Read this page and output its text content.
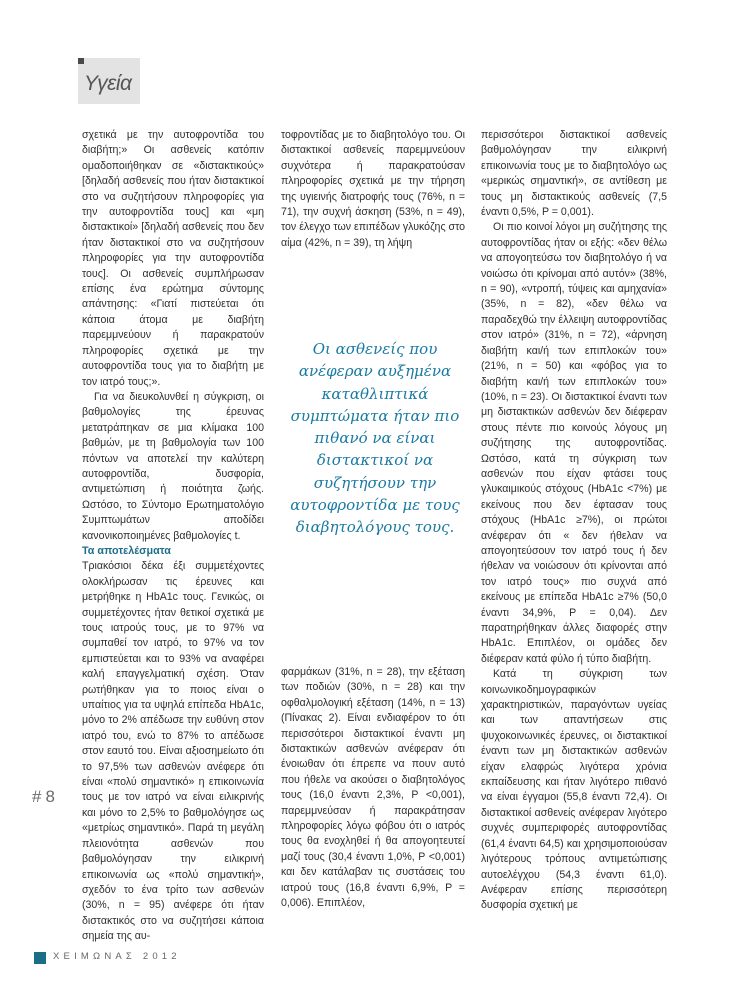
Υγεία

σχετικά με την αυτοφροντίδα του διαβήτη;» Οι ασθενείς κατόπιν ομαδοποιήθηκαν σε «διστακτικούς» [δηλαδή ασθενείς που ήταν διστακτικοί στο να συζητήσουν πληροφορίες για την αυτοφροντίδα τους] και «μη διστακτικοί» [δηλαδή ασθενείς που δεν ήταν διστακτικοί στο να συζητήσουν πληροφορίες για την αυτοφροντίδα τους]. Οι ασθενείς συμπλήρωσαν επίσης ένα ερώτημα σύντομης απάντησης: «Γιατί πιστεύεται ότι κάποια άτομα με διαβήτη παρεμμνεύουν ή παρακρατούν πληροφορίες σχετικά με την αυτοφροντίδα τους για το διαβήτη με τον ιατρό τους;».

Για να διευκολυνθεί η σύγκριση, οι βαθμολογίες της έρευνας μετατράπηκαν σε μια κλίμακα 100 βαθμών, με τη βαθμολογία των 100 πόντων να αποτελεί την καλύτερη αυτοφροντίδα, δυσφορία, αντιμετώπιση ή ποιότητα ζωής. Ωστόσο, το Σύντομο Ερωτηματολόγιο Συμπτωμάτων αποδίδει κανονικοποιημένες βαθμολογίες t.

Τα αποτελέσματα

Τριακόσιοι δέκα έξι συμμετέχοντες ολοκλήρωσαν τις έρευνες και μετρήθηκε η HbA1c τους. Γενικώς, οι συμμετέχοντες ήταν θετικοί σχετικά με τους ιατρούς τους, με το 97% να συμπαθεί τον ιατρό, το 97% να τον εμπιστεύεται και το 93% να αναφέρει καλή επαγγελματική σχέση. Όταν ρωτήθηκαν για το ποιος είναι ο υπαίτιος για τα υψηλά επίπεδα HbA1c, μόνο το 2% απέδωσε την ευθύνη στον ιατρό του, ενώ το 87% το απέδωσε στον εαυτό του. Είναι αξιοσημείωτο ότι το 97,5% των ασθενών ανέφερε ότι είναι «πολύ σημαντικό» η επικοινωνία τους με τον ιατρό να είναι ειλικρινής και μόνο το 2,5% το βαθμολόγησε ως «μετρίως σημαντικό». Παρά τη μεγάλη πλειονότητα ασθενών που βαθμολόγησαν την ειλικρινή επικοινωνία ως «πολύ σημαντική», σχεδόν το ένα τρίτο των ασθενών (30%, n = 95) ανέφερε ότι ήταν διστακτικός στο να συζητήσει κάποια σημεία της αυ-

τοφροντίδας με το διαβητολόγο του. Οι διστακτικοί ασθενείς παρεμμνεύουν συχνότερα ή παρακρατούσαν πληροφορίες σχετικά με την τήρηση της υγιεινής διατροφής τους (76%, n = 71), την συχνή άσκηση (53%, n = 49), τον έλεγχο των επιπέδων γλυκόζης στο αίμα (42%, n = 39), τη λήψη

Οι ασθενείς που ανέφεραν αυξημένα καταθλιπτικά συμπτώματα ήταν πιο πιθανό να είναι διστακτικοί να συζητήσουν την αυτοφροντίδα με τους διαβητολόγους τους.

φαρμάκων (31%, n = 28), την εξέταση των ποδιών (30%, n = 28) και την οφθαλμολογική εξέταση (14%, n = 13) (Πίνακας 2). Είναι ενδιαφέρον το ότι περισσότεροι διστακτικοί έναντι μη διστακτικών ασθενών ανέφεραν ότι ένοιωθαν ότι έπρεπε να πουν αυτό που ήθελε να ακούσει ο διαβητολόγος τους (16,0 έναντι 2,3%, P <0,001), παρεμμνεύσαν ή παρακράτησαν πληροφορίες λόγω φόβου ότι ο ιατρός τους θα ενοχληθεί ή θα απογοητευτεί μαζί τους (30,4 έναντι 1,0%, P <0,001) και δεν κατάλαβαν τις συστάσεις του ιατρού τους (16,8 έναντι 6,9%, P = 0,006). Επιπλέον,

περισσότεροι διστακτικοί ασθενείς βαθμολόγησαν την ειλικρινή επικοινωνία τους με το διαβητολόγο ως «μερικώς σημαντική», σε αντίθεση με τους μη διστακτικούς ασθενείς (7,5 έναντι 0,5%, P = 0,001).

Οι πιο κοινοί λόγοι μη συζήτησης της αυτοφροντίδας ήταν οι εξής: «δεν θέλω να απογοητεύσω τον διαβητολόγο ή να νοιώσω ότι κρίνομαι από αυτόν» (38%, n = 90), «ντροπή, τύψεις και αμηχανία» (35%, n = 82), «δεν θέλω να παραδεχθώ την έλλειψη αυτοφροντίδας στον ιατρό» (31%, n = 72), «άρνηση διαβήτη και/ή των επιπλοκών του» (21%, n = 50) και «φόβος για το διαβήτη και/ή των επιπλοκών του» (10%, n = 23). Οι διστακτικοί έναντι των μη διστακτικών ασθενών δεν διέφεραν στους πέντε πιο κοινούς λόγους μη συζήτησης της αυτοφροντίδας. Ωστόσο, κατά τη σύγκριση των ασθενών που είχαν φτάσει τους γλυκαιμικούς στόχους (HbA1c <7%) με εκείνους που δεν έφτασαν τους στόχους (HbA1c ≥7%), οι πρώτοι ανέφεραν ότι « δεν ήθελαν να απογοητεύσουν τον ιατρό τους ή δεν ήθελαν να νοιώσουν ότι κρίνονται από τον ιατρό τους» πιο συχνά από εκείνους με επίπεδα HbA1c ≥7% (50,0 έναντι 34,9%, P = 0,04). Δεν παρατηρήθηκαν άλλες διαφορές στην HbA1c. Επιπλέον, οι ομάδες δεν διέφεραν κατά φύλο ή τύπο διαβήτη.

Κατά τη σύγκριση των κοινωνικοδημογραφικών χαρακτηριστικών, παραγόντων υγείας και των απαντήσεων στις ψυχοκοινωνικές έρευνες, οι διστακτικοί έναντι των μη διστακτικών ασθενών είχαν ελαφρώς λιγότερα χρόνια εκπαίδευσης και ήταν λιγότερο πιθανό να είναι έγγαμοι (55,8 έναντι 72,4). Οι διστακτικοί ασθενείς ανέφεραν λιγότερο συχνές συμπεριφορές αυτοφροντίδας (61,4 έναντι 64,5) και χρησιμοποιούσαν λιγότερους τρόπους αντιμετώπισης αυτοελέγχου (54,3 έναντι 61,0). Ανέφεραν επίσης περισσότερη δυσφορία σχετική με

#8
ΧΕΙΜΩΝΑΣ 2012
